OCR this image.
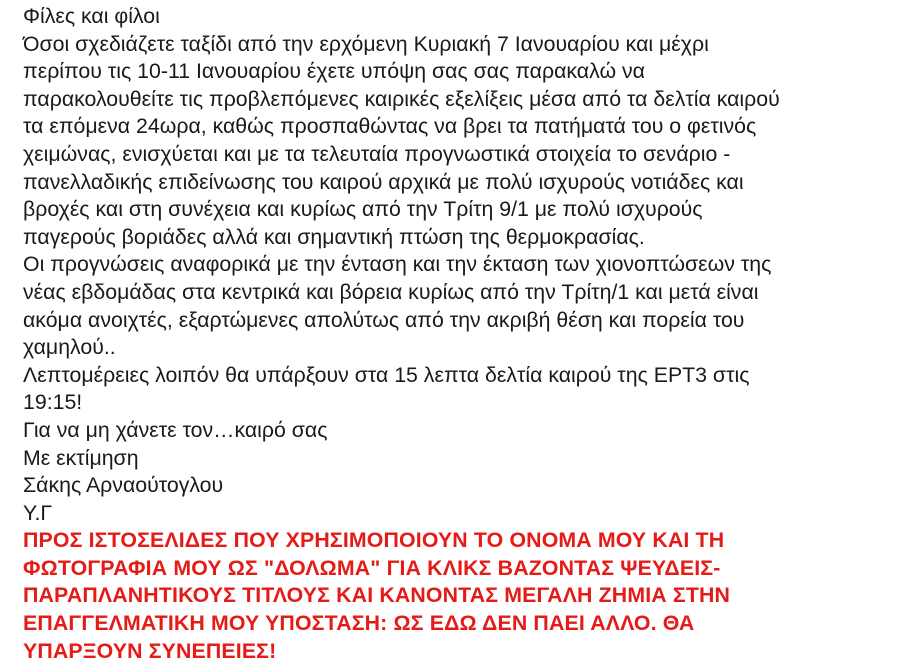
Φίλες και φίλοι
Όσοι σχεδιάζετε ταξίδι από την ερχόμενη Κυριακή 7 Ιανουαρίου και μέχρι
περίπου τις 10-11 Ιανουαρίου έχετε υπόψη σας σας παρακαλώ να
παρακολουθείτε τις προβλεπόμενες καιρικές εξελίξεις μέσα από τα δελτία καιρού
τα επόμενα 24ωρα, καθώς προσπαθώντας να βρει τα πατήματά του ο φετινός
χειμώνας, ενισχύεται και με τα τελευταία προγνωστικά στοιχεία το σενάριο -
πανελλαδικής επιδείνωσης του καιρού αρχικά με πολύ ισχυρούς νοτιάδες και
βροχές και στη συνέχεια και κυρίως από την Τρίτη 9/1 με πολύ ισχυρούς
παγερούς βοριάδες αλλά και σημαντική πτώση της θερμοκρασίας.
Οι προγνώσεις αναφορικά με την ένταση και την έκταση των χιονοπτώσεων της
νέας εβδομάδας στα κεντρικά και βόρεια κυρίως από την Τρίτη/1 και μετά είναι
ακόμα ανοιχτές, εξαρτώμενες απολύτως από την ακριβή θέση και πορεία του
χαμηλού..
Λεπτομέρειες λοιπόν θα υπάρξουν στα 15 λεπτα δελτία καιρού της ΕΡΤ3 στις
19:15!
Για να μη χάνετε τον…καιρό σας
Με εκτίμηση
Σάκης Αρναούτογλου
Υ.Γ
ΠΡΟΣ ΙΣΤΟΣΕΛΙΔΕΣ ΠΟΥ ΧΡΗΣΙΜΟΠΟΙΟΥΝ ΤΟ ΟΝΟΜΑ ΜΟΥ ΚΑΙ ΤΗ
ΦΩΤΟΓΡΑΦΙΑ ΜΟΥ ΩΣ "ΔΟΛΩΜΑ" ΓΙΑ ΚΛΙΚΣ ΒΑΖΟΝΤΑΣ ΨΕΥΔΕΙΣ-
ΠΑΡΑΠΛΑΝΗΤΙΚΟΥΣ ΤΙΤΛΟΥΣ ΚΑΙ ΚΑΝΟΝΤΑΣ ΜΕΓΑΛΗ ΖΗΜΙΑ ΣΤΗΝ
ΕΠΑΓΓΕΛΜΑΤΙΚΗ ΜΟΥ ΥΠΟΣΤΑΣΗ: ΩΣ ΕΔΩ ΔΕΝ ΠΑΕΙ ΑΛΛΟ. ΘΑ
ΥΠΑΡΞΟΥΝ ΣΥΝΕΠΕΙΕΣ!
